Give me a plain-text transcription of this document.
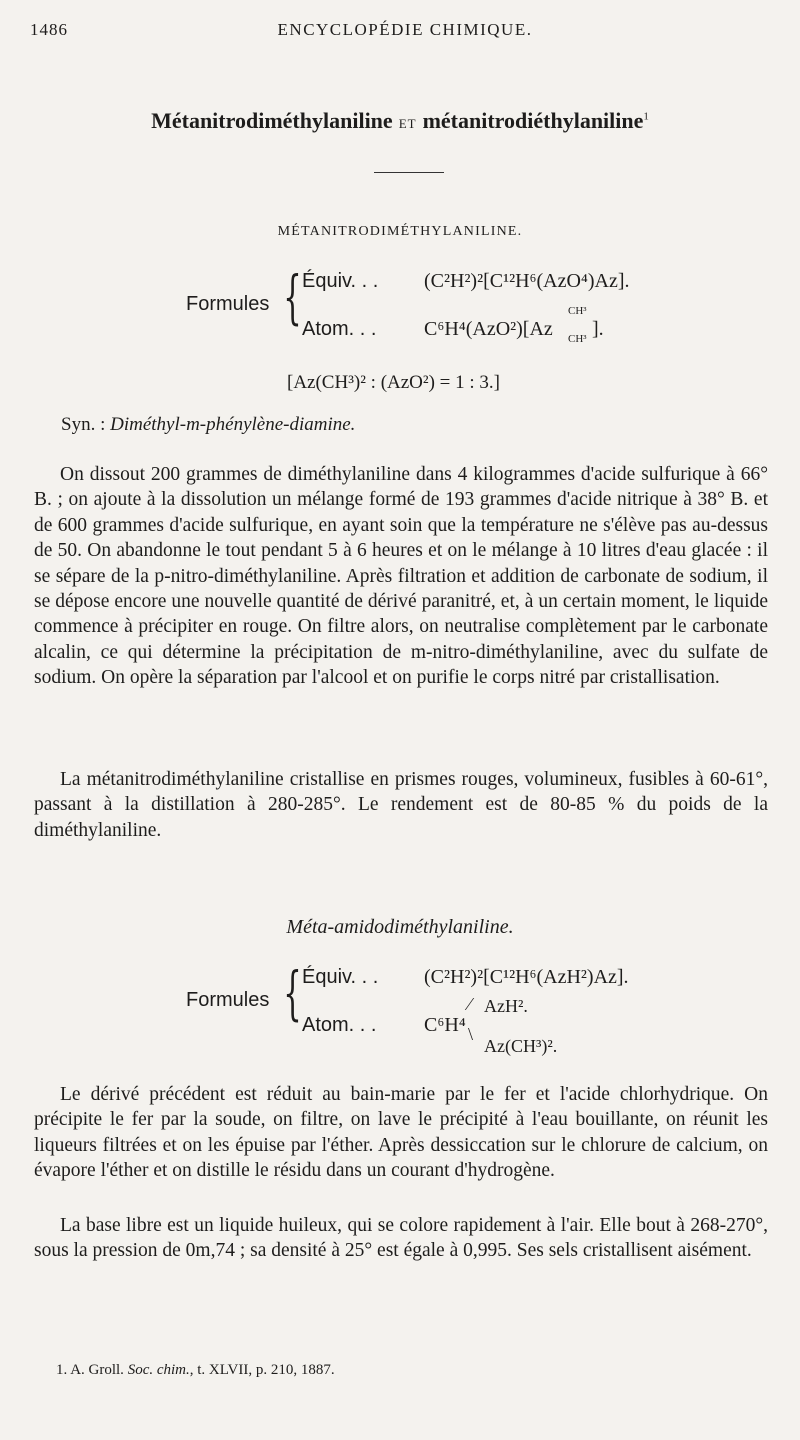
1486	ENCYCLOPÉDIE CHIMIQUE.
Métanitrodiméthylaniline ET métanitrodiéthylaniline$^1$
MÉTANITRODIMÉTHYLANILINE.
Formules { Équiv. . . (C²H²)²[C¹²H⁶(AzO⁴)Az].
Atom. . . C⁶H⁴(AzO²)[Az
CH³
CH³ ].
[Az(CH³)² : (AzO²) = 1 : 3.]
Syn. : Diméthyl-m-phénylène-diamine.
On dissout 200 grammes de diméthylaniline dans 4 kilogrammes d'acide sulfurique à 66° B. ; on ajoute à la dissolution un mélange formé de 193 grammes d'acide nitrique à 38° B. et de 600 grammes d'acide sulfurique, en ayant soin que la température ne s'élève pas au-dessus de 50. On abandonne le tout pendant 5 à 6 heures et on le mélange à 10 litres d'eau glacée : il se sépare de la p-nitro-diméthylaniline. Après filtration et addition de carbonate de sodium, il se dépose encore une nouvelle quantité de dérivé paranitré, et, à un certain moment, le liquide commence à précipiter en rouge. On filtre alors, on neutralise complètement par le carbonate alcalin, ce qui détermine la précipitation de m-nitro-diméthylaniline, avec du sulfate de sodium. On opère la séparation par l'alcool et on purifie le corps nitré par cristallisation.
La métanitrodiméthylaniline cristallise en prismes rouges, volumineux, fusibles à 60-61°, passant à la distillation à 280-285°. Le rendement est de 80-85 % du poids de la diméthylaniline.
Méta-amidodiméthylaniline.
Formules { Équiv. . . (C²H²)²[C¹²H⁶(AzH²)Az].
Atom. . . C⁶H⁴
⁄
\
AzH².
Az(CH³)².
Le dérivé précédent est réduit au bain-marie par le fer et l'acide chlorhydrique. On précipite le fer par la soude, on filtre, on lave le précipité à l'eau bouillante, on réunit les liqueurs filtrées et on les épuise par l'éther. Après dessiccation sur le chlorure de calcium, on évapore l'éther et on distille le résidu dans un courant d'hydrogène.
La base libre est un liquide huileux, qui se colore rapidement à l'air. Elle bout à 268-270°, sous la pression de 0m,74 ; sa densité à 25° est égale à 0,995. Ses sels cristallisent aisément.
1. A. Groll. Soc. chim., t. XLVII, p. 210, 1887.
